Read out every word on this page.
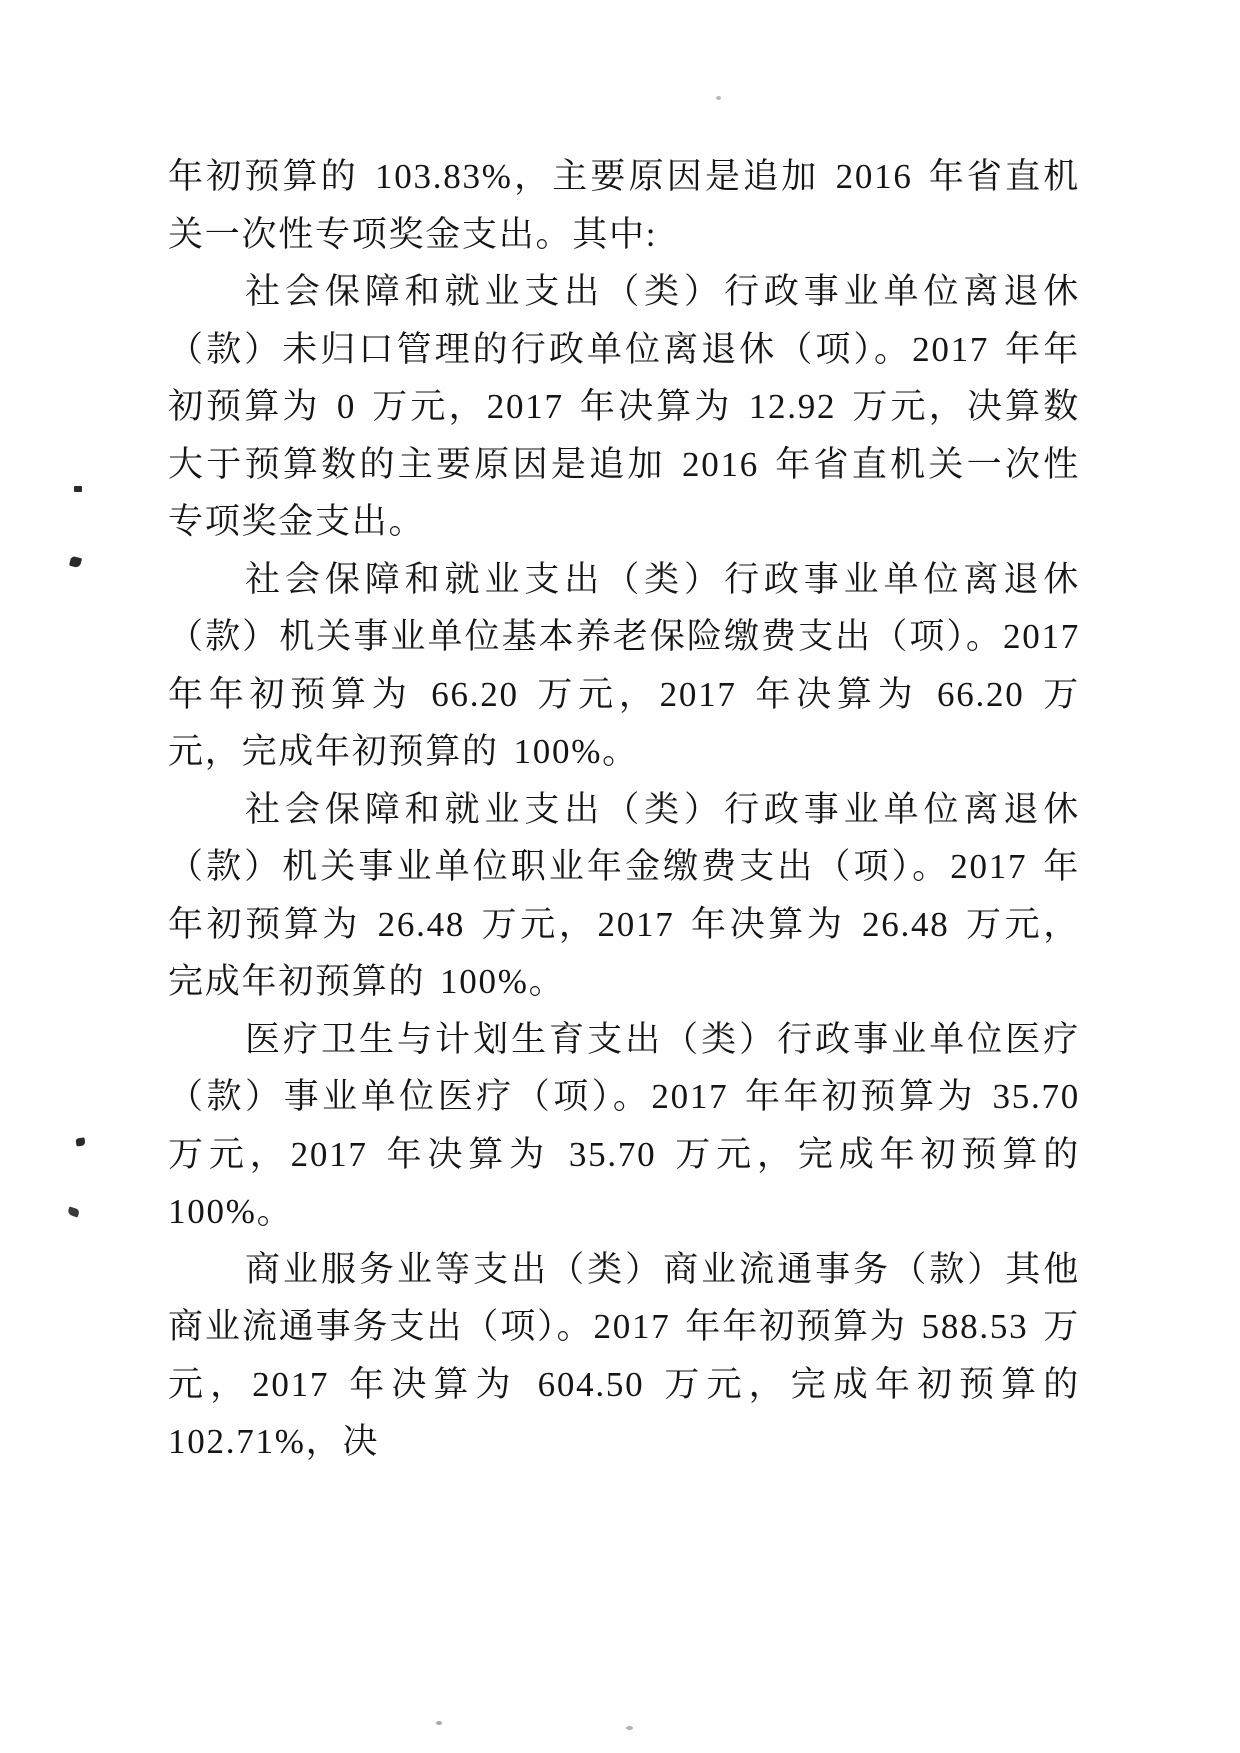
年初预算的 103.83%，主要原因是追加 2016 年省直机关一次性专项奖金支出。其中:

社会保障和就业支出（类）行政事业单位离退休（款）未归口管理的行政单位离退休（项）。2017 年年初预算为 0 万元，2017 年决算为 12.92 万元，决算数大于预算数的主要原因是追加 2016 年省直机关一次性专项奖金支出。

社会保障和就业支出（类）行政事业单位离退休（款）机关事业单位基本养老保险缴费支出（项）。2017 年年初预算为 66.20 万元，2017 年决算为 66.20 万元，完成年初预算的 100%。

社会保障和就业支出（类）行政事业单位离退休（款）机关事业单位职业年金缴费支出（项）。2017 年年初预算为 26.48 万元，2017 年决算为 26.48 万元，完成年初预算的 100%。

医疗卫生与计划生育支出（类）行政事业单位医疗（款）事业单位医疗（项）。2017 年年初预算为 35.70 万元，2017 年决算为 35.70 万元，完成年初预算的 100%。

商业服务业等支出（类）商业流通事务（款）其他商业流通事务支出（项）。2017 年年初预算为 588.53 万元，2017 年决算为 604.50 万元，完成年初预算的 102.71%，决
